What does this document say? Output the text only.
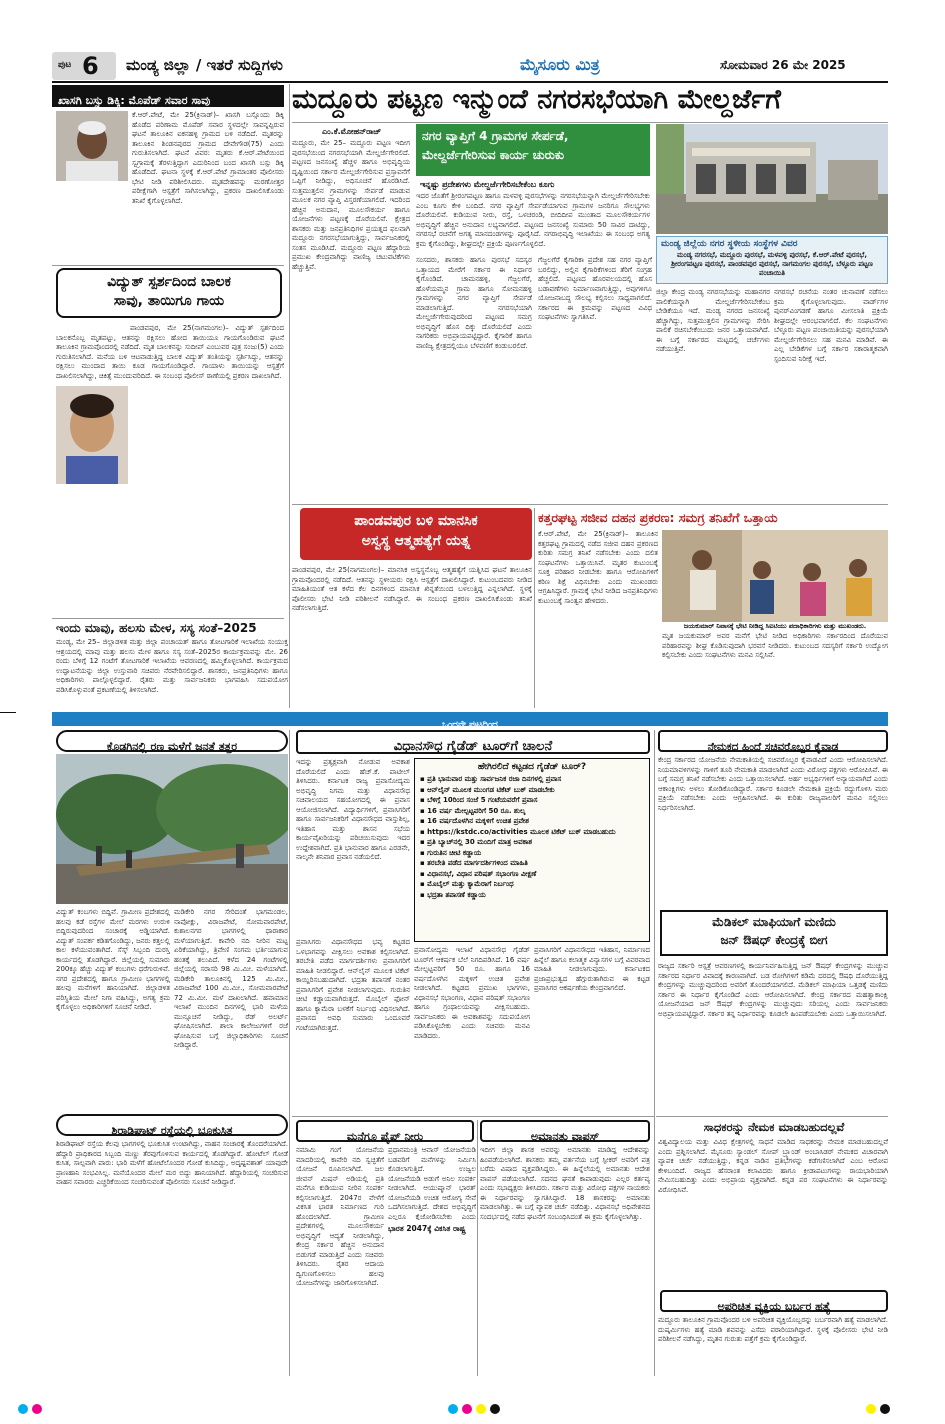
ಪುಟ 6 ಮಂಡ್ಯ ಜಿಲ್ಲಾ / ಇತರೆ ಸುದ್ದಿಗಳು	ಮೈಸೂರು ಮಿತ್ರ	ಸೋಮವಾರ 26 ಮೇ 2025
ಖಾಸಗಿ ಬಸ್ಸು ಡಿಕ್ಕಿ: ಮೊಪೆಡ್ ಸವಾರ ಸಾವು
ಕೆ.ಆರ್.ಪೇಟೆ, ಮೇ 25(ಕ್ರಿನಾಡ್)– ಖಾಸಗಿ ಬಸ್ಸೊಂದು ಡಿಕ್ಕಿ ಹೊಡೆದ ಪರಿಣಾಮ ಮೊಪೆಡ್ ಸವಾರ ಸ್ಥಳದಲ್ಲೇ ಸಾವನ್ನಪ್ಪಿರುವ ಘಟನೆ ತಾಲೂಕಿನ ಐಕನಹಳ್ಳಿ ಗ್ರಾಮದ ಬಳಿ ನಡೆದಿದೆ. ಮೃತರನ್ನು ತಾಲೂಕಿನ ಶಿಂಡನಪುರದ ಗ್ರಾಮದ ದೇವೇಗೌಡ(75) ಎಂದು ಗುರುತಿಸಲಾಗಿದೆ. ಘಟನೆ ವಿವರ: ಮೃತರು ಕೆ.ಆರ್.ಪೇಟೆಯಿಂದ ಸ್ವಗ್ರಾಮಕ್ಕೆ ತೆರಳುತ್ತಿದ್ದಾಗ ಎದುರಿನಿಂದ ಬಂದ ಖಾಸಗಿ ಬಸ್ಸು ಡಿಕ್ಕಿ ಹೊಡೆದಿದೆ. ಘಟನಾ ಸ್ಥಳಕ್ಕೆ ಕೆ.ಆರ್.ಪೇಟೆ ಗ್ರಾಮಾಂತರ ಪೊಲೀಸರು ಭೇಟಿ ನೀಡಿ ಪರಿಶೀಲಿಸಿದರು. ಮೃತದೇಹವನ್ನು ಮರಣೋತ್ತರ ಪರೀಕ್ಷೆಗಾಗಿ ಆಸ್ಪತ್ರೆಗೆ ಸಾಗಿಸಲಾಗಿದ್ದು, ಪ್ರಕರಣ ದಾಖಲಿಸಿಕೊಂಡು ತನಿಖೆ ಕೈಗೊಳ್ಳಲಾಗಿದೆ.
ವಿದ್ಯುತ್ ಸ್ಪರ್ಶದಿಂದ ಬಾಲಕ
ಸಾವು, ತಾಯಿಗೂ ಗಾಯ
ಪಾಂಡವಪುರ, ಮೇ 25(ನಾಗಮಂಗಲ)– ವಿದ್ಯುತ್ ಸ್ಪರ್ಶದಿಂದ ಬಾಲಕನೊಬ್ಬ ಮೃತಪಟ್ಟು, ಆತನನ್ನು ರಕ್ಷಿಸಲು ಹೋದ ತಾಯಿಯೂ ಗಾಯಗೊಂಡಿರುವ ಘಟನೆ ತಾಲೂಕಿನ ಗ್ರಾಮವೊಂದರಲ್ಲಿ ನಡೆದಿದೆ. ಮೃತ ಬಾಲಕನನ್ನು ಸುದೀಪ್ ಎಂಬುವರ ಪುತ್ರ ಸಂಜು(5) ಎಂದು ಗುರುತಿಸಲಾಗಿದೆ. ಮನೆಯ ಬಳಿ ಆಟವಾಡುತ್ತಿದ್ದ ಬಾಲಕ ವಿದ್ಯುತ್ ತಂತಿಯನ್ನು ಸ್ಪರ್ಶಿಸಿದ್ದು, ಆತನನ್ನು ರಕ್ಷಿಸಲು ಮುಂದಾದ ತಾಯಿ ಕೂಡ ಗಾಯಗೊಂಡಿದ್ದಾರೆ. ಗಾಯಾಳು ತಾಯಿಯನ್ನು ಆಸ್ಪತ್ರೆಗೆ ದಾಖಲಿಸಲಾಗಿದ್ದು, ಚಿಕಿತ್ಸೆ ಮುಂದುವರಿದಿದೆ. ಈ ಸಂಬಂಧ ಪೊಲೀಸ್ ಠಾಣೆಯಲ್ಲಿ ಪ್ರಕರಣ ದಾಖಲಾಗಿದೆ.
ಇಂದು ಮಾವು, ಹಲಸು ಮೇಳ, ಸಸ್ಯ ಸಂತೆ–2025
ಮಂಡ್ಯ, ಮೇ 25– ಜಿಲ್ಲಾಡಳಿತ ಮತ್ತು ಜಿಲ್ಲಾ ಪಂಚಾಯತ್ ಹಾಗೂ ತೋಟಗಾರಿಕೆ ಇಲಾಖೆಯ ಸಂಯುಕ್ತ ಆಶ್ರಯದಲ್ಲಿ ಮಾವು ಮತ್ತು ಹಲಸು ಮೇಳ ಹಾಗೂ ಸಸ್ಯ ಸಂತೆ–2025ರ ಕಾರ್ಯಕ್ರಮವನ್ನು ಮೇ. 26 ರಂದು ಬೆಳಿಗ್ಗೆ 12 ಗಂಟೆಗೆ ತೋಟಗಾರಿಕೆ ಇಲಾಖೆಯ ಆವರಣದಲ್ಲಿ ಹಮ್ಮಿಕೊಳ್ಳಲಾಗಿದೆ. ಕಾರ್ಯಕ್ರಮದ ಉದ್ಘಾಟನೆಯನ್ನು ಜಿಲ್ಲಾ ಉಸ್ತುವಾರಿ ಸಚಿವರು ನೆರವೇರಿಸಲಿದ್ದಾರೆ. ಶಾಸಕರು, ಜನಪ್ರತಿನಿಧಿಗಳು ಹಾಗೂ ಅಧಿಕಾರಿಗಳು ಪಾಲ್ಗೊಳ್ಳಲಿದ್ದಾರೆ. ರೈತರು ಮತ್ತು ಸಾರ್ವಜನಿಕರು ಭಾಗವಹಿಸಿ ಸದುಪಯೋಗ ಪಡಿಸಿಕೊಳ್ಳುವಂತೆ ಪ್ರಕಟಣೆಯಲ್ಲಿ ತಿಳಿಸಲಾಗಿದೆ.
ಮದ್ದೂರು ಪಟ್ಟಣ ಇನ್ಮುಂದೆ ನಗರಸಭೆಯಾಗಿ ಮೇಲ್ದರ್ಜೆಗೆ
ಎಂ.ಕೆ.ಮೋಹನ್‌ರಾಜ್
ಮದ್ದೂರು, ಮೇ 25– ಮದ್ದೂರು ಪಟ್ಟಣ ಇದೀಗ ಪುರಸಭೆಯಿಂದ ನಗರಸಭೆಯಾಗಿ ಮೇಲ್ದರ್ಜೆಗೇರಲಿದೆ. ಪಟ್ಟಣದ ಜನಸಂಖ್ಯೆ ಹೆಚ್ಚಳ ಹಾಗೂ ಅಭಿವೃದ್ಧಿಯ ದೃಷ್ಟಿಯಿಂದ ಸರ್ಕಾರ ಮೇಲ್ದರ್ಜೆಗೇರಿಸುವ ಪ್ರಸ್ತಾವನೆಗೆ ಒಪ್ಪಿಗೆ ನೀಡಿದ್ದು, ಅಧಿಸೂಚನೆ ಹೊರಡಿಸಿದೆ. ಸುತ್ತಮುತ್ತಲಿನ ಗ್ರಾಮಗಳನ್ನು ಸೇರ್ಪಡೆ ಮಾಡುವ ಮೂಲಕ ನಗರ ವ್ಯಾಪ್ತಿ ವಿಸ್ತರಣೆಯಾಗಲಿದೆ. ಇದರಿಂದ ಹೆಚ್ಚಿನ ಅನುದಾನ, ಮೂಲಸೌಕರ್ಯ ಹಾಗೂ ಯೋಜನೆಗಳು ಪಟ್ಟಣಕ್ಕೆ ದೊರೆಯಲಿವೆ. ಕ್ಷೇತ್ರದ ಶಾಸಕರು ಮತ್ತು ಜನಪ್ರತಿನಿಧಿಗಳ ಪ್ರಯತ್ನದ ಫಲವಾಗಿ ಮದ್ದೂರು ನಗರಸಭೆಯಾಗುತ್ತಿದ್ದು, ಸಾರ್ವಜನಿಕರಲ್ಲಿ ಸಂತಸ ಮೂಡಿಸಿದೆ. ಮದ್ದೂರು ಪಟ್ಟಣ ಹೆದ್ದಾರಿಯ ಪ್ರಮುಖ ಕೇಂದ್ರವಾಗಿದ್ದು ವಾಣಿಜ್ಯ ಚಟುವಟಿಕೆಗಳು ಹೆಚ್ಚುತ್ತಿವೆ.
ನಗರ ವ್ಯಾಪ್ತಿಗೆ 4 ಗ್ರಾಮಗಳ ಸೇರ್ಪಡೆ,
ಮೇಲ್ದರ್ಜೆಗೇರಿಸುವ ಕಾರ್ಯ ಚುರುಕು
ಇನ್ನಷ್ಟು ಪ್ರದೇಶಗಳು ಮೇಲ್ದರ್ಜೆಗೇರಿಸಬೇಕೆಂಬ ಕೂಗು
ಇದರ ಜೊತೆಗೆ ಶ್ರೀರಂಗಪಟ್ಟಣ ಹಾಗೂ ಮಳವಳ್ಳಿ ಪುರಸಭೆಗಳನ್ನು ನಗರಸಭೆಯನ್ನಾಗಿ ಮೇಲ್ದರ್ಜೆಗೇರಿಸಬೇಕು ಎಂಬ ಕೂಗು ಕೇಳಿ ಬಂದಿದೆ. ನಗರ ವ್ಯಾಪ್ತಿಗೆ ಸೇರ್ಪಡೆಯಾಗುವ ಗ್ರಾಮಗಳ ಜನರಿಗೂ ಸೌಲಭ್ಯಗಳು ದೊರೆಯಲಿವೆ. ಕುಡಿಯುವ ನೀರು, ರಸ್ತೆ, ಒಳಚರಂಡಿ, ಬೀದಿದೀಪ ಮುಂತಾದ ಮೂಲಸೌಕರ್ಯಗಳ ಅಭಿವೃದ್ಧಿಗೆ ಹೆಚ್ಚಿನ ಅನುದಾನ ಲಭ್ಯವಾಗಲಿದೆ. ಪಟ್ಟಣದ ಜನಸಂಖ್ಯೆ ಸುಮಾರು 50 ಸಾವಿರ ದಾಟಿದ್ದು, ನಗರಸಭೆ ರಚನೆಗೆ ಅಗತ್ಯ ಮಾನದಂಡಗಳನ್ನು ಪೂರೈಸಿದೆ. ನಗರಾಭಿವೃದ್ಧಿ ಇಲಾಖೆಯು ಈ ಸಂಬಂಧ ಅಗತ್ಯ ಕ್ರಮ ಕೈಗೊಂಡಿದ್ದು, ಶೀಘ್ರದಲ್ಲೇ ಪ್ರಕ್ರಿಯೆ ಪೂರ್ಣಗೊಳ್ಳಲಿದೆ.
ಸಂಸದರು, ಶಾಸಕರು ಹಾಗೂ ಪುರಸಭೆ ಸದಸ್ಯರ ಒತ್ತಾಯದ ಮೇರೆಗೆ ಸರ್ಕಾರ ಈ ನಿರ್ಧಾರ ಕೈಗೊಂಡಿದೆ. ಚಾಮನಹಳ್ಳಿ, ಗೆಜ್ಜಲಗೆರೆ, ಹೊಳೆಯಮ್ಮನ ಗ್ರಾಮ ಹಾಗೂ ಸೋಮನಹಳ್ಳಿ ಗ್ರಾಮಗಳನ್ನು ನಗರ ವ್ಯಾಪ್ತಿಗೆ ಸೇರ್ಪಡೆ ಮಾಡಲಾಗುತ್ತಿದೆ. ನಗರಸಭೆಯಾಗಿ ಮೇಲ್ದರ್ಜೆಗೇರುವುದರಿಂದ ಪಟ್ಟಣದ ಸಮಗ್ರ ಅಭಿವೃದ್ಧಿಗೆ ಹೊಸ ದಿಕ್ಕು ದೊರೆಯಲಿದೆ ಎಂದು ನಾಗರಿಕರು ಅಭಿಪ್ರಾಯಪಟ್ಟಿದ್ದಾರೆ. ಕೈಗಾರಿಕೆ ಹಾಗೂ ವಾಣಿಜ್ಯ ಕ್ಷೇತ್ರದಲ್ಲಿಯೂ ಬೆಳವಣಿಗೆ ಕಂಡುಬರಲಿದೆ.
ಗೆಜ್ಜಲಗೆರೆ ಕೈಗಾರಿಕಾ ಪ್ರದೇಶ ಸಹ ನಗರ ವ್ಯಾಪ್ತಿಗೆ ಬರಲಿದ್ದು, ಅಲ್ಲಿನ ಕೈಗಾರಿಕೆಗಳಿಂದ ತೆರಿಗೆ ಸಂಗ್ರಹ ಹೆಚ್ಚಲಿದೆ. ಪಟ್ಟಣದ ಹೊರವಲಯದಲ್ಲಿ ಹೊಸ ಬಡಾವಣೆಗಳು ನಿರ್ಮಾಣವಾಗುತ್ತಿದ್ದು, ಅವುಗಳಿಗೂ ಯೋಜನಾಬದ್ಧ ಸೌಲಭ್ಯ ಕಲ್ಪಿಸಲು ಸಾಧ್ಯವಾಗಲಿದೆ. ಸರ್ಕಾರದ ಈ ಕ್ರಮವನ್ನು ಪಟ್ಟಣದ ವಿವಿಧ ಸಂಘಟನೆಗಳು ಸ್ವಾಗತಿಸಿವೆ.
ಮಂಡ್ಯ ಜಿಲ್ಲೆಯ ನಗರ ಸ್ಥಳೀಯ ಸಂಸ್ಥೆಗಳ ವಿವರ
ಮಂಡ್ಯ ನಗರಸಭೆ, ಮದ್ದೂರು ಪುರಸಭೆ, ಮಳವಳ್ಳಿ ಪುರಸಭೆ, ಕೆ.ಆರ್.ಪೇಟೆ ಪುರಸಭೆ, ಶ್ರೀರಂಗಪಟ್ಟಣ ಪುರಸಭೆ, ಪಾಂಡವಪುರ ಪುರಸಭೆ, ನಾಗಮಂಗಲ ಪುರಸಭೆ, ಬೆಳ್ಳೂರು ಪಟ್ಟಣ ಪಂಚಾಯಿತಿ
ಜಿಲ್ಲಾ ಕೇಂದ್ರ ಮಂಡ್ಯ ನಗರಸಭೆಯನ್ನು ಮಹಾನಗರ ಪಾಲಿಕೆಯನ್ನಾಗಿ ಮೇಲ್ದರ್ಜೆಗೇರಿಸಬೇಕೆಂಬ ಬೇಡಿಕೆಯೂ ಇದೆ. ಮಂಡ್ಯ ನಗರದ ಜನಸಂಖ್ಯೆ ಹೆಚ್ಚಾಗಿದ್ದು, ಸುತ್ತಮುತ್ತಲಿನ ಗ್ರಾಮಗಳನ್ನು ಸೇರಿಸಿ ಪಾಲಿಕೆ ರಚಿಸಬೇಕೆಂಬುದು ಜನರ ಒತ್ತಾಯವಾಗಿದೆ. ಈ ಬಗ್ಗೆ ಸರ್ಕಾರದ ಮಟ್ಟದಲ್ಲಿ ಚರ್ಚೆಗಳು ನಡೆಯುತ್ತಿವೆ.
ನಗರಸಭೆ ರಚನೆಯ ನಂತರ ಚುನಾವಣೆ ನಡೆಸಲು ಕ್ರಮ ಕೈಗೊಳ್ಳಲಾಗುವುದು. ವಾರ್ಡ್‌ಗಳ ಪುನರ್‌ವಿಂಗಡಣೆ ಹಾಗೂ ಮೀಸಲಾತಿ ಪ್ರಕ್ರಿಯೆ ಶೀಘ್ರದಲ್ಲೇ ಆರಂಭವಾಗಲಿದೆ. ಕೆಲ ಸಂಘಟನೆಗಳು ಬೆಳ್ಳೂರು ಪಟ್ಟಣ ಪಂಚಾಯಿತಿಯನ್ನು ಪುರಸಭೆಯಾಗಿ ಮೇಲ್ದರ್ಜೆಗೇರಿಸಲು ಸಹ ಮನವಿ ಮಾಡಿವೆ. ಈ ಎಲ್ಲ ಬೇಡಿಕೆಗಳ ಬಗ್ಗೆ ಸರ್ಕಾರ ಸಕಾರಾತ್ಮಕವಾಗಿ ಸ್ಪಂದಿಸುವ ನಿರೀಕ್ಷೆ ಇದೆ.
ಪಾಂಡವಪುರ ಬಳಿ ಮಾನಸಿಕ
ಅಸ್ವಸ್ಥ ಆತ್ಮಹತ್ಯೆಗೆ ಯತ್ನ
ಪಾಂಡವಪುರ, ಮೇ 25(ನಾಗಮಂಗಲ)– ಮಾನಸಿಕ ಅಸ್ವಸ್ಥನೊಬ್ಬ ಆತ್ಮಹತ್ಯೆಗೆ ಯತ್ನಿಸಿದ ಘಟನೆ ತಾಲೂಕಿನ ಗ್ರಾಮವೊಂದರಲ್ಲಿ ನಡೆದಿದೆ. ಆತನನ್ನು ಸ್ಥಳೀಯರು ರಕ್ಷಿಸಿ ಆಸ್ಪತ್ರೆಗೆ ದಾಖಲಿಸಿದ್ದಾರೆ. ಕುಟುಂಬದವರು ನೀಡಿದ ಮಾಹಿತಿಯಂತೆ ಆತ ಕಳೆದ ಕೆಲ ದಿನಗಳಿಂದ ಮಾನಸಿಕ ಖಿನ್ನತೆಯಿಂದ ಬಳಲುತ್ತಿದ್ದ ಎನ್ನಲಾಗಿದೆ. ಸ್ಥಳಕ್ಕೆ ಪೊಲೀಸರು ಭೇಟಿ ನೀಡಿ ಪರಿಶೀಲನೆ ನಡೆಸಿದ್ದಾರೆ. ಈ ಸಂಬಂಧ ಪ್ರಕರಣ ದಾಖಲಿಸಿಕೊಂಡು ತನಿಖೆ ನಡೆಸಲಾಗುತ್ತಿದೆ.
ಕತ್ತರಘಟ್ಟ ಸಜೀವ ದಹನ ಪ್ರಕರಣ: ಸಮಗ್ರ ತನಿಖೆಗೆ ಒತ್ತಾಯ
ಕೆ.ಆರ್.ಪೇಟೆ, ಮೇ 25(ಕ್ರಿನಾಡ್)– ತಾಲೂಕಿನ ಕತ್ತರಘಟ್ಟ ಗ್ರಾಮದಲ್ಲಿ ನಡೆದ ಸಜೀವ ದಹನ ಪ್ರಕರಣದ ಕುರಿತು ಸಮಗ್ರ ತನಿಖೆ ನಡೆಸಬೇಕು ಎಂದು ದಲಿತ ಸಂಘಟನೆಗಳು ಒತ್ತಾಯಿಸಿವೆ. ಮೃತರ ಕುಟುಂಬಕ್ಕೆ ಸೂಕ್ತ ಪರಿಹಾರ ನೀಡಬೇಕು ಹಾಗೂ ಆರೋಪಿಗಳಿಗೆ ಕಠಿಣ ಶಿಕ್ಷೆ ವಿಧಿಸಬೇಕು ಎಂದು ಮುಖಂಡರು ಆಗ್ರಹಿಸಿದ್ದಾರೆ. ಗ್ರಾಮಕ್ಕೆ ಭೇಟಿ ನೀಡಿದ ಜನಪ್ರತಿನಿಧಿಗಳು ಕುಟುಂಬಕ್ಕೆ ಸಾಂತ್ವನ ಹೇಳಿದರು.
ಜಯಕುಮಾರ್ ನಿವಾಸಕ್ಕೆ ಭೇಟಿ ನೀಡಿದ್ದ ಸಿಐಟಿಯು ಪದಾಧಿಕಾರಿಗಳು ಮತ್ತು ಮುಖಂಡರು.
ಮೃತ ಜಯಕುಮಾರ್ ಅವರ ಮನೆಗೆ ಭೇಟಿ ನೀಡಿದ ಅಧಿಕಾರಿಗಳು ಸರ್ಕಾರದಿಂದ ದೊರೆಯುವ ಪರಿಹಾರವನ್ನು ಶೀಘ್ರ ಕೊಡಿಸುವುದಾಗಿ ಭರವಸೆ ನೀಡಿದರು. ಕುಟುಂಬದ ಸದಸ್ಯರಿಗೆ ಸರ್ಕಾರಿ ಉದ್ಯೋಗ ಕಲ್ಪಿಸಬೇಕು ಎಂದು ಸಂಘಟನೆಗಳು ಮನವಿ ಸಲ್ಲಿಸಿವೆ.
ಒಂದನೇ ಪುಟದಿಂದ
ಕೊಡಗಿನಲ್ಲಿ ರಣ ಮಳೆಗೆ ಜನತೆ ತತ್ತರ
ವಿದ್ಯುತ್ ಕಂಬಗಳು ಬಿದ್ದಿವೆ. ಗ್ರಾಮೀಣ ಪ್ರದೇಶದಲ್ಲಿ ಹಲವು ಕಡೆ ರಸ್ತೆಗಳ ಮೇಲೆ ಮರಗಳು ಉರುಳಿ ಬಿದ್ದಿರುವುದರಿಂದ ಸಂಚಾರಕ್ಕೆ ಅಡ್ಡಿಯಾಗಿದೆ. ವಿದ್ಯುತ್ ಸಂಪರ್ಕ ಕಡಿತಗೊಂಡಿದ್ದು, ಜನರು ಕತ್ತಲಲ್ಲಿ ಕಾಲ ಕಳೆಯುವಂತಾಗಿದೆ. ಸೆಸ್ಕ್ ಸಿಬ್ಬಂದಿ ದುರಸ್ತಿ ಕಾರ್ಯದಲ್ಲಿ ತೊಡಗಿದ್ದಾರೆ. ಜಿಲ್ಲೆಯಲ್ಲಿ ಸುಮಾರು 200ಕ್ಕೂ ಹೆಚ್ಚು ವಿದ್ಯುತ್ ಕಂಬಗಳು ಧರೆಗುರುಳಿವೆ. ನಗರ ಪ್ರದೇಶದಲ್ಲಿ ಹಾಗೂ ಗ್ರಾಮೀಣ ಭಾಗಗಳಲ್ಲಿ ಹಲವು ಮನೆಗಳಿಗೆ ಹಾನಿಯಾಗಿದೆ. ಜಿಲ್ಲಾಡಳಿತ ಪರಿಸ್ಥಿತಿಯ ಮೇಲೆ ನಿಗಾ ವಹಿಸಿದ್ದು, ಅಗತ್ಯ ಕ್ರಮ ಕೈಗೊಳ್ಳಲು ಅಧಿಕಾರಿಗಳಿಗೆ ಸೂಚನೆ ನೀಡಿದೆ.
ಮಡಿಕೇರಿ ನಗರ ಸೇರಿದಂತೆ ಭಾಗಮಂಡಲ, ನಾಪೋಕ್ಲು, ವಿರಾಜಪೇಟೆ, ಸೋಮವಾರಪೇಟೆ, ಕುಶಾಲನಗರ ಭಾಗಗಳಲ್ಲಿ ಧಾರಾಕಾರ ಮಳೆಯಾಗುತ್ತಿದೆ. ಕಾವೇರಿ ನದಿ ನೀರಿನ ಮಟ್ಟ ಏರಿಕೆಯಾಗಿದ್ದು, ತ್ರಿವೇಣಿ ಸಂಗಮ ಭರ್ತಿಯಾಗುವ ಹಂತಕ್ಕೆ ತಲುಪಿದೆ. ಕಳೆದ 24 ಗಂಟೆಗಳಲ್ಲಿ ಜಿಲ್ಲೆಯಲ್ಲಿ ಸರಾಸರಿ 98 ಮಿ.ಮೀ. ಮಳೆಯಾಗಿದೆ. ಮಡಿಕೇರಿ ತಾಲೂಕಿನಲ್ಲಿ 125 ಮಿ.ಮೀ., ವಿರಾಜಪೇಟೆ 100 ಮಿ.ಮೀ., ಸೋಮವಾರಪೇಟೆ 72 ಮಿ.ಮೀ. ಮಳೆ ದಾಖಲಾಗಿದೆ. ಹವಾಮಾನ ಇಲಾಖೆ ಮುಂದಿನ ದಿನಗಳಲ್ಲಿ ಭಾರಿ ಮಳೆಯ ಮುನ್ಸೂಚನೆ ನೀಡಿದ್ದು, ರೆಡ್ ಅಲರ್ಟ್ ಘೋಷಿಸಲಾಗಿದೆ. ಶಾಲಾ ಕಾಲೇಜುಗಳಿಗೆ ರಜೆ ಘೋಷಿಸುವ ಬಗ್ಗೆ ಜಿಲ್ಲಾಧಿಕಾರಿಗಳು ಸೂಚನೆ ನೀಡಿದ್ದಾರೆ.
ಶಿರಾಡಿಘಾಟ್ ರಸ್ತೆಯಲ್ಲಿ ಭೂಕುಸಿತ
ಶಿರಾಡಿಘಾಟ್ ರಸ್ತೆಯ ಕೆಲವು ಭಾಗಗಳಲ್ಲಿ ಭೂಕುಸಿತ ಉಂಟಾಗಿದ್ದು, ವಾಹನ ಸಂಚಾರಕ್ಕೆ ತೊಂದರೆಯಾಗಿದೆ. ಹೆದ್ದಾರಿ ಪ್ರಾಧಿಕಾರದ ಸಿಬ್ಬಂದಿ ಮಣ್ಣು ತೆರವುಗೊಳಿಸುವ ಕಾರ್ಯದಲ್ಲಿ ತೊಡಗಿದ್ದಾರೆ. ಹೋಟೆಲ್ ಗೋಡೆ ಕುಸಿತ, ಸಾಲ್ಪವಾಗಿ ಪಾರು: ಭಾರಿ ಮಳೆಗೆ ಹೋಟೆಲೊಂದರ ಗೋಡೆ ಕುಸಿದಿದ್ದು, ಅದೃಷ್ಟವಶಾತ್ ಯಾವುದೇ ಪ್ರಾಣಹಾನಿ ಸಂಭವಿಸಿಲ್ಲ. ಮನೆಯೊಂದರ ಮೇಲೆ ಮರ ಬಿದ್ದು ಹಾನಿಯಾಗಿದೆ. ಹೆದ್ದಾರಿಯಲ್ಲಿ ಸಂಚರಿಸುವ ವಾಹನ ಸವಾರರು ಎಚ್ಚರಿಕೆಯಿಂದ ಸಂಚರಿಸುವಂತೆ ಪೊಲೀಸರು ಸೂಚನೆ ನೀಡಿದ್ದಾರೆ.
ವಿಧಾನಸೌಧ ಗೈಡೆಡ್ ಟೂರ್‌ಗೆ ಚಾಲನೆ
ಇದನ್ನು ಪ್ರತ್ಯಕ್ಷವಾಗಿ ನೋಡುವ ಅವಕಾಶ ದೊರೆಯಲಿದೆ ಎಂದು ಹೆಚ್.ಕೆ. ಪಾಟೀಲ್ ತಿಳಿಸಿದರು. ಕರ್ನಾಟಕ ರಾಜ್ಯ ಪ್ರವಾಸೋದ್ಯಮ ಅಭಿವೃದ್ಧಿ ನಿಗಮ ಮತ್ತು ವಿಧಾನಸೌಧ ಸಚಿವಾಲಯದ ಸಹಯೋಗದಲ್ಲಿ ಈ ಪ್ರವಾಸ ಆಯೋಜಿಸಲಾಗಿದೆ. ವಿದ್ಯಾರ್ಥಿಗಳಿಗೆ, ಪ್ರವಾಸಿಗರಿಗೆ ಹಾಗೂ ಸಾರ್ವಜನಿಕರಿಗೆ ವಿಧಾನಸೌಧದ ವಾಸ್ತುಶಿಲ್ಪ, ಇತಿಹಾಸ ಮತ್ತು ಶಾಸನ ಸಭೆಯ ಕಾರ್ಯವೈಖರಿಯನ್ನು ಪರಿಚಯಿಸುವುದು ಇದರ ಉದ್ದೇಶವಾಗಿದೆ. ಪ್ರತಿ ಭಾನುವಾರ ಹಾಗೂ ಎರಡನೇ, ನಾಲ್ಕನೇ ಶನಿವಾರ ಪ್ರವಾಸ ನಡೆಯಲಿದೆ.
ಪ್ರವಾಸಿಗರು ವಿಧಾನಸೌಧದ ಭವ್ಯ ಕಟ್ಟಡದ ಒಳಭಾಗವನ್ನು ವೀಕ್ಷಿಸಲು ಅವಕಾಶ ಕಲ್ಪಿಸಲಾಗಿದೆ. ತರಬೇತಿ ಪಡೆದ ಮಾರ್ಗದರ್ಶಿಗಳು ಪ್ರವಾಸಿಗರಿಗೆ ಮಾಹಿತಿ ನೀಡಲಿದ್ದಾರೆ. ಆನ್‌ಲೈನ್ ಮೂಲಕ ಟಿಕೆಟ್ ಕಾಯ್ದಿರಿಸಬಹುದಾಗಿದೆ. ಭದ್ರತಾ ತಪಾಸಣೆ ನಂತರ ಪ್ರವಾಸಿಗರಿಗೆ ಪ್ರವೇಶ ನೀಡಲಾಗುವುದು. ಗುರುತಿನ ಚೀಟಿ ಕಡ್ಡಾಯವಾಗಿರುತ್ತದೆ. ಮೊಬೈಲ್ ಫೋನ್ ಹಾಗೂ ಕ್ಯಾಮೆರಾ ಬಳಕೆಗೆ ನಿರ್ಬಂಧ ವಿಧಿಸಲಾಗಿದೆ. ಪ್ರವಾಸದ ಅವಧಿ ಸುಮಾರು ಒಂದೂವರೆ ಗಂಟೆಯಾಗಿರುತ್ತದೆ.
ಹೇಗಿರಲಿದೆ ಕಟ್ಟಡದ ಗೈಡೆಡ್ ಟೂರ್?
▪ ಪ್ರತಿ ಭಾನುವಾರ ಮತ್ತು ಸಾರ್ವಜನಿಕ ರಜಾ ದಿನಗಳಲ್ಲಿ ಪ್ರವಾಸ
▪ ಆನ್‌ಲೈನ್ ಮೂಲಕ ಮುಂಗಡ ಟಿಕೆಟ್ ಬುಕ್ ಮಾಡಬೇಕು
▪ ಬೆಳಿಗ್ಗೆ 10ರಿಂದ ಸಂಜೆ 5 ಗಂಟೆಯವರೆಗೆ ಪ್ರವಾಸ
▪ 16 ವರ್ಷ ಮೇಲ್ಪಟ್ಟವರಿಗೆ 50 ರೂ. ಶುಲ್ಕ
▪ 16 ವರ್ಷದೊಳಗಿನ ಮಕ್ಕಳಿಗೆ ಉಚಿತ ಪ್ರವೇಶ
▪ https://kstdc.co/activities ಮೂಲಕ ಟಿಕೆಟ್ ಬುಕ್ ಮಾಡಬಹುದು
▪ ಪ್ರತಿ ಬ್ಯಾಚ್‌ನಲ್ಲಿ 30 ಮಂದಿಗೆ ಮಾತ್ರ ಅವಕಾಶ
▪ ಗುರುತಿನ ಚೀಟಿ ಕಡ್ಡಾಯ
▪ ತರಬೇತಿ ಪಡೆದ ಮಾರ್ಗದರ್ಶಿಗಳಿಂದ ಮಾಹಿತಿ
▪ ವಿಧಾನಸಭೆ, ವಿಧಾನ ಪರಿಷತ್ ಸಭಾಂಗಣ ವೀಕ್ಷಣೆ
▪ ಮೊಬೈಲ್ ಮತ್ತು ಕ್ಯಾಮೆರಾಗೆ ನಿರ್ಬಂಧ
▪ ಭದ್ರತಾ ತಪಾಸಣೆ ಕಡ್ಡಾಯ
ಪ್ರವಾಸೋದ್ಯಮ ಇಲಾಖೆ ವಿಧಾನಸೌಧ ಗೈಡೆಡ್ ಟೂರ್‌ಗೆ ಆಕರ್ಷಕ ಬೆಲೆ ನಿಗದಿಪಡಿಸಿದೆ. 16 ವರ್ಷ ಮೇಲ್ಪಟ್ಟವರಿಗೆ 50 ರೂ. ಹಾಗೂ 16 ವರ್ಷದೊಳಗಿನ ಮಕ್ಕಳಿಗೆ ಉಚಿತ ಪ್ರವೇಶ ನೀಡಲಾಗಿದೆ. ಕಟ್ಟಡದ ಪ್ರಮುಖ ಭಾಗಗಳು, ವಿಧಾನಸಭೆ ಸಭಾಂಗಣ, ವಿಧಾನ ಪರಿಷತ್ ಸಭಾಂಗಣ ಹಾಗೂ ಗ್ರಂಥಾಲಯವನ್ನು ವೀಕ್ಷಿಸಬಹುದು. ಸಾರ್ವಜನಿಕರು ಈ ಅವಕಾಶವನ್ನು ಸದುಪಯೋಗ ಪಡಿಸಿಕೊಳ್ಳಬೇಕು ಎಂದು ಸಚಿವರು ಮನವಿ ಮಾಡಿದರು.
ಪ್ರವಾಸಿಗರಿಗೆ ವಿಧಾನಸೌಧದ ಇತಿಹಾಸ, ನಿರ್ಮಾಣದ ಹಿನ್ನೆಲೆ ಹಾಗೂ ಕಲಾತ್ಮಕ ವಿನ್ಯಾಸಗಳ ಬಗ್ಗೆ ವಿವರವಾದ ಮಾಹಿತಿ ನೀಡಲಾಗುವುದು. ಕರ್ನಾಟಕದ ಪ್ರಜಾಪ್ರಭುತ್ವದ ಹೆಗ್ಗುರುತಾಗಿರುವ ಈ ಕಟ್ಟಡ ಪ್ರವಾಸಿಗರ ಆಕರ್ಷಣೆಯ ಕೇಂದ್ರವಾಗಲಿದೆ.
ಮನೆಗೂ ಪೈಪ್ ನೀರು
ನಮಾಮಿ ಗಂಗೆ ಯೋಜನೆಯ ಮಾದರಿಯಲ್ಲಿ ಕಾವೇರಿ ನದಿ ಸ್ವಚ್ಛತೆಗೆ ಯೋಜನೆ ರೂಪಿಸಲಾಗಿದೆ. ಜಲ ಜೀವನ್ ಮಿಷನ್ ಅಡಿಯಲ್ಲಿ ಪ್ರತಿ ಮನೆಗೂ ಕುಡಿಯುವ ನೀರಿನ ಸಂಪರ್ಕ ಕಲ್ಪಿಸಲಾಗುತ್ತಿದೆ. 2047ರ ವೇಳೆಗೆ ವಿಕಸಿತ ಭಾರತ ನಿರ್ಮಾಣದ ಗುರಿ ಹೊಂದಲಾಗಿದೆ. ಗ್ರಾಮೀಣ ಪ್ರದೇಶಗಳಲ್ಲಿ ಮೂಲಸೌಕರ್ಯ ಅಭಿವೃದ್ಧಿಗೆ ಆದ್ಯತೆ ನೀಡಲಾಗಿದ್ದು, ಕೇಂದ್ರ ಸರ್ಕಾರ ಹೆಚ್ಚಿನ ಅನುದಾನ ಬಿಡುಗಡೆ ಮಾಡುತ್ತಿದೆ ಎಂದು ಸಚಿವರು ತಿಳಿಸಿದರು. ರೈತರ ಆದಾಯ ದ್ವಿಗುಣಗೊಳಿಸಲು ಹಲವು ಯೋಜನೆಗಳನ್ನು ಜಾರಿಗೊಳಿಸಲಾಗಿದೆ.
ಭಾರತ 2047ಕ್ಕೆ ವಿಕಸಿತ ರಾಷ್ಟ್ರ
ಪ್ರಧಾನಮಂತ್ರಿ ಆವಾಸ್ ಯೋಜನೆಯಡಿ ಬಡವರಿಗೆ ಮನೆಗಳನ್ನು ನಿರ್ಮಿಸಿ ಕೊಡಲಾಗುತ್ತಿದೆ. ಉಜ್ವಲ ಯೋಜನೆಯಡಿ ಅಡುಗೆ ಅನಿಲ ಸಂಪರ್ಕ ನೀಡಲಾಗಿದೆ. ಆಯುಷ್ಮಾನ್ ಭಾರತ್ ಯೋಜನೆಯಡಿ ಉಚಿತ ಆರೋಗ್ಯ ಸೇವೆ ಒದಗಿಸಲಾಗುತ್ತಿದೆ. ದೇಶದ ಅಭಿವೃದ್ಧಿಗೆ ಎಲ್ಲರೂ ಕೈಜೋಡಿಸಬೇಕು ಎಂದು
ಅಮಾನತು ವಾಪಸ್
ಇದೀಗ ಜಿಲ್ಲಾ ಶಾಸಕ ಅವರನ್ನು ಅಮಾನತು ಮಾಡಿದ್ದ ಆದೇಶವನ್ನು ಹಿಂಪಡೆಯಲಾಗಿದೆ. ಶಾಸಕರು ತಮ್ಮ ವರ್ತನೆಯ ಬಗ್ಗೆ ಸ್ಪೀಕರ್ ಅವರಿಗೆ ಪತ್ರ ಬರೆದು ವಿಷಾದ ವ್ಯಕ್ತಪಡಿಸಿದ್ದರು. ಈ ಹಿನ್ನೆಲೆಯಲ್ಲಿ ಅಮಾನತು ಆದೇಶ ವಾಪಸ್ ಪಡೆಯಲಾಗಿದೆ. ಸದನದ ಘನತೆ ಕಾಪಾಡುವುದು ಎಲ್ಲರ ಕರ್ತವ್ಯ ಎಂದು ಸಭಾಧ್ಯಕ್ಷರು ತಿಳಿಸಿದರು. ಸರ್ಕಾರ ಮತ್ತು ವಿರೋಧ ಪಕ್ಷಗಳ ನಾಯಕರು ಈ ನಿರ್ಧಾರವನ್ನು ಸ್ವಾಗತಿಸಿದ್ದಾರೆ. 18 ಶಾಸಕರನ್ನು ಅಮಾನತು ಮಾಡಲಾಗಿತ್ತು. ಈ ಬಗ್ಗೆ ವ್ಯಾಪಕ ಚರ್ಚೆ ನಡೆದಿತ್ತು. ವಿಧಾನಸಭೆ ಅಧಿವೇಶನದ ಸಂದರ್ಭದಲ್ಲಿ ನಡೆದ ಘಟನೆಗೆ ಸಂಬಂಧಿಸಿದಂತೆ ಈ ಕ್ರಮ ಕೈಗೊಳ್ಳಲಾಗಿತ್ತು.
ನೇಮಕದ ಹಿಂದೆ ಸಚಿವರೊಬ್ಬರ ಕೈವಾಡ
ಕೇಂದ್ರ ಸರ್ಕಾರದ ಯೋಜನೆಯ ನೇಮಕಾತಿಯಲ್ಲಿ ಸಚಿವರೊಬ್ಬರ ಕೈವಾಡವಿದೆ ಎಂದು ಆರೋಪಿಸಲಾಗಿದೆ. ನಿಯಮಾವಳಿಗಳನ್ನು ಗಾಳಿಗೆ ತೂರಿ ನೇಮಕಾತಿ ಮಾಡಲಾಗಿದೆ ಎಂದು ವಿರೋಧ ಪಕ್ಷಗಳು ಆರೋಪಿಸಿವೆ. ಈ ಬಗ್ಗೆ ಸಮಗ್ರ ತನಿಖೆ ನಡೆಸಬೇಕು ಎಂದು ಒತ್ತಾಯಿಸಲಾಗಿದೆ. ಅರ್ಹ ಅಭ್ಯರ್ಥಿಗಳಿಗೆ ಅನ್ಯಾಯವಾಗಿದೆ ಎಂದು ಆಕಾಂಕ್ಷಿಗಳು ಅಳಲು ತೋಡಿಕೊಂಡಿದ್ದಾರೆ. ಸರ್ಕಾರ ಕೂಡಲೇ ನೇಮಕಾತಿ ಪ್ರಕ್ರಿಯೆ ರದ್ದುಗೊಳಿಸಿ ಮರು ಪ್ರಕ್ರಿಯೆ ನಡೆಸಬೇಕು ಎಂದು ಆಗ್ರಹಿಸಲಾಗಿದೆ. ಈ ಕುರಿತು ರಾಜ್ಯಪಾಲರಿಗೆ ಮನವಿ ಸಲ್ಲಿಸಲು ನಿರ್ಧರಿಸಲಾಗಿದೆ.
ಮೆಡಿಕಲ್ ಮಾಫಿಯಾಗೆ ಮಣಿದು
ಜನ್ ಔಷಧ್ ಕೇಂದ್ರಕ್ಕೆ ಬೀಗ
ರಾಜ್ಯದ ಸರ್ಕಾರಿ ಆಸ್ಪತ್ರೆ ಆವರಣಗಳಲ್ಲಿ ಕಾರ್ಯನಿರ್ವಹಿಸುತ್ತಿದ್ದ ಜನ್ ಔಷಧ್ ಕೇಂದ್ರಗಳನ್ನು ಮುಚ್ಚುವ ಸರ್ಕಾರದ ನಿರ್ಧಾರ ವಿವಾದಕ್ಕೆ ಕಾರಣವಾಗಿದೆ. ಬಡ ರೋಗಿಗಳಿಗೆ ಕಡಿಮೆ ದರದಲ್ಲಿ ಔಷಧಿ ದೊರೆಯುತ್ತಿದ್ದ ಕೇಂದ್ರಗಳನ್ನು ಮುಚ್ಚುವುದರಿಂದ ಅವರಿಗೆ ತೊಂದರೆಯಾಗಲಿದೆ. ಮೆಡಿಕಲ್ ಮಾಫಿಯಾ ಒತ್ತಡಕ್ಕೆ ಮಣಿದು ಸರ್ಕಾರ ಈ ನಿರ್ಧಾರ ಕೈಗೊಂಡಿದೆ ಎಂದು ಆರೋಪಿಸಲಾಗಿದೆ. ಕೇಂದ್ರ ಸರ್ಕಾರದ ಮಹತ್ವಾಕಾಂಕ್ಷಿ ಯೋಜನೆಯಾದ ಜನ್ ಔಷಧ್ ಕೇಂದ್ರಗಳನ್ನು ಮುಚ್ಚುವುದು ಸರಿಯಲ್ಲ ಎಂದು ಸಾರ್ವಜನಿಕರು ಅಭಿಪ್ರಾಯಪಟ್ಟಿದ್ದಾರೆ. ಸರ್ಕಾರ ತನ್ನ ನಿರ್ಧಾರವನ್ನು ಕೂಡಲೇ ಹಿಂಪಡೆಯಬೇಕು ಎಂದು ಒತ್ತಾಯಿಸಲಾಗಿದೆ.
ಸಾಧಕರನ್ನು ನೇಮಕ ಮಾಡಬಹುದಲ್ಲವೆ
ವಿಶ್ವವಿದ್ಯಾಲಯ ಮತ್ತು ವಿವಿಧ ಕ್ಷೇತ್ರಗಳಲ್ಲಿ ಸಾಧನೆ ಮಾಡಿದ ಸಾಧಕರನ್ನು ನೇಮಕ ಮಾಡಬಹುದಲ್ಲವೆ ಎಂದು ಪ್ರಶ್ನಿಸಲಾಗಿದೆ. ಮೈಸೂರು ಸ್ಯಾಂಡಲ್ ಸೋಪ್ ಬ್ರ್ಯಾಂಡ್ ಅಂಬಾಸಿಡರ್ ನೇಮಕದ ವಿಚಾರವಾಗಿ ವ್ಯಾಪಕ ಚರ್ಚೆ ನಡೆಯುತ್ತಿದ್ದು, ಕನ್ನಡ ನಾಡಿನ ಪ್ರತಿಭೆಗಳನ್ನು ಕಡೆಗಣಿಸಲಾಗಿದೆ ಎಂಬ ಆರೋಪ ಕೇಳಿಬಂದಿದೆ. ರಾಜ್ಯದ ಹೆಸರಾಂತ ಕಲಾವಿದರು ಹಾಗೂ ಕ್ರೀಡಾಪಟುಗಳನ್ನು ರಾಯಭಾರಿಯಾಗಿ ನೇಮಿಸಬಹುದಿತ್ತು ಎಂದು ಅಭಿಪ್ರಾಯ ವ್ಯಕ್ತವಾಗಿದೆ. ಕನ್ನಡ ಪರ ಸಂಘಟನೆಗಳು ಈ ನಿರ್ಧಾರವನ್ನು ವಿರೋಧಿಸಿವೆ.
ಅಪರಿಚಿತ ವ್ಯಕ್ತಿಯ ಬರ್ಬರ ಹತ್ಯೆ
ಮದ್ದೂರು ತಾಲೂಕಿನ ಗ್ರಾಮವೊಂದರ ಬಳಿ ಅಪರಿಚಿತ ವ್ಯಕ್ತಿಯೊಬ್ಬರನ್ನು ಬರ್ಬರವಾಗಿ ಹತ್ಯೆ ಮಾಡಲಾಗಿದೆ. ದುಷ್ಕರ್ಮಿಗಳು ಹತ್ಯೆ ಮಾಡಿ ಶವವನ್ನು ಎಸೆದು ಪರಾರಿಯಾಗಿದ್ದಾರೆ. ಸ್ಥಳಕ್ಕೆ ಪೊಲೀಸರು ಭೇಟಿ ನೀಡಿ ಪರಿಶೀಲನೆ ನಡೆಸಿದ್ದು, ಮೃತನ ಗುರುತು ಪತ್ತೆಗೆ ಕ್ರಮ ಕೈಗೊಂಡಿದ್ದಾರೆ.
